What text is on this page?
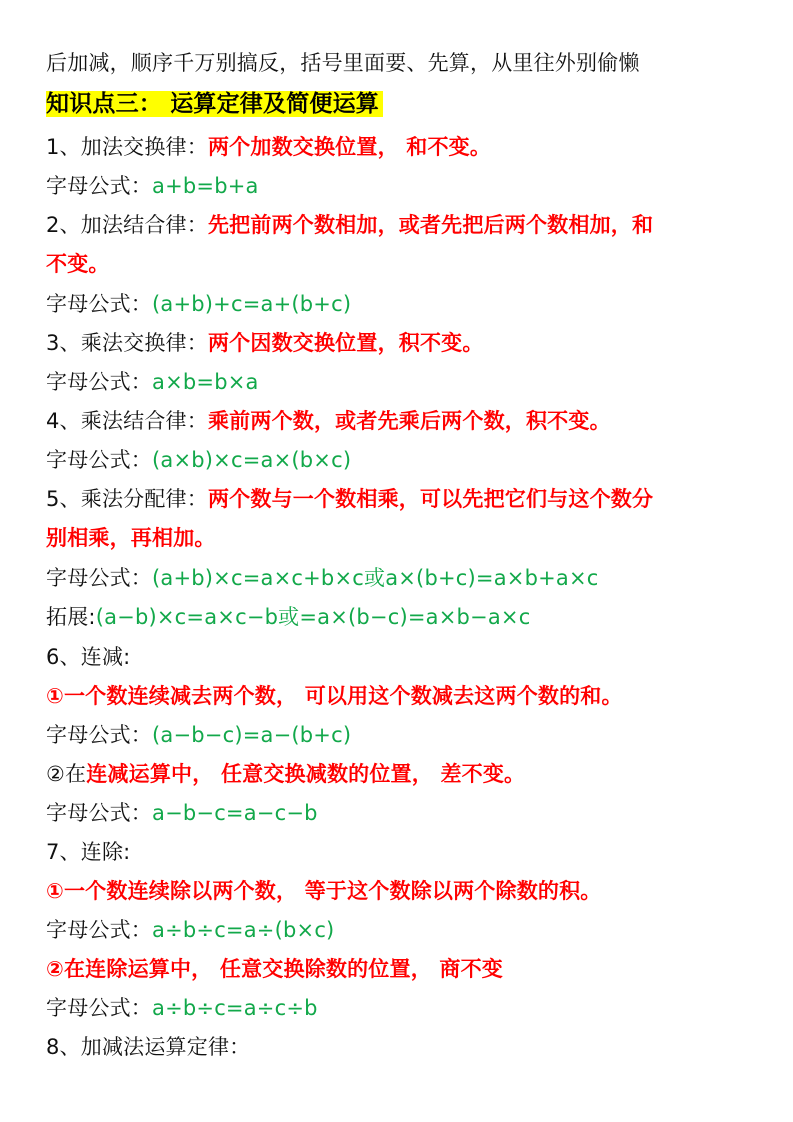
后加减，顺序千万别搞反，括号里面要、先算，从里往外别偷懒
知识点三： 运算定律及简便运算
1、加法交换律：两个加数交换位置， 和不变。
字母公式：a+b=b+a
2、加法结合律：先把前两个数相加，或者先把后两个数相加，和
不变。
字母公式：(a+b)+c=a+(b+c)
3、乘法交换律：两个因数交换位置，积不变。
字母公式：a×b=b×a
4、乘法结合律：乘前两个数，或者先乘后两个数，积不变。
字母公式：(a×b)×c=a×(b×c)
5、乘法分配律：两个数与一个数相乘，可以先把它们与这个数分
别相乘，再相加。
字母公式：(a+b)×c=a×c+b×c或a×(b+c)=a×b+a×c
拓展:(a−b)×c=a×c−b或=a×(b−c)=a×b−a×c
6、连减:
①一个数连续减去两个数， 可以用这个数减去这两个数的和。
字母公式：(a−b−c)=a−(b+c)
②在连减运算中， 任意交换减数的位置， 差不变。
字母公式：a−b−c=a−c−b
7、连除:
①一个数连续除以两个数， 等于这个数除以两个除数的积。
字母公式：a÷b÷c=a÷(b×c)
②在连除运算中， 任意交换除数的位置， 商不变
字母公式：a÷b÷c=a÷c÷b
8、加减法运算定律：
